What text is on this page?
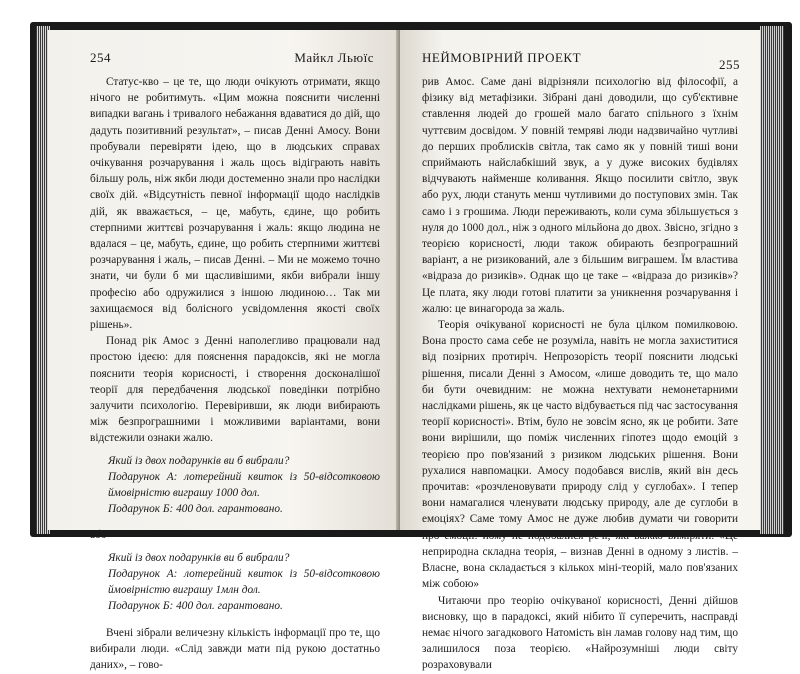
254	Майкл Льюїс

Статус-кво – це те, що люди очікують отримати, якщо нічого не робитимуть. «Цим можна пояснити численні випадки вагань і тривалого небажання вдаватися до дій, що дадуть позитивний результат», – писав Денні Амосу. Вони пробували перевіряти ідею, що в людських справах очікування розчарування і жаль щось відіграють навіть більшу роль, ніж якби люди достеменно знали про наслідки своїх дій. «Відсутність певної інформації щодо наслідків дій, як вважається, – це, мабуть, єдине, що робить стерпними життєві розчарування і жаль: якщо людина не вдалася – це, мабуть, єдине, що робить стерпними життєві розчарування і жаль, – писав Денні. – Ми не можемо точно знати, чи були б ми щасливішими, якби вибрали іншу професію або одружилися з іншою людиною… Так ми захищаємося від болісного усвідомлення якості своїх рішень».

Понад рік Амос з Денні наполегливо працювали над простою ідеєю: для пояснення парадоксів, які не могла пояснити теорія корисності, і створення досконалішої теорії для передбачення людської поведінки потрібно залучити психологію. Перевіривши, як люди вибирають між безпрограшними і можливими варіантами, вони відстежили ознаки жалю.

Який із двох подарунків ви б вибрали?

Подарунок А: лотерейний квиток із 50-відсотковою ймовірністю виграшу 1000 дол.

Подарунок Б: 400 дол. гарантовано.

або

Який із двох подарунків ви б вибрали?

Подарунок А: лотерейний квиток із 50-відсотковою ймовірністю виграшу 1млн дол.

Подарунок Б: 400 дол. гарантовано.

Вчені зібрали величезну кількість інформації про те, що вибирали люди. «Слід завжди мати під рукою достатньо даних», – гово-

НЕЙМОВІРНИЙ ПРОЕКТ	255

рив Амос. Саме дані відрізняли психологію від філософії, а фізику від метафізики. Зібрані дані доводили, що суб'єктивне ставлення людей до грошей мало багато спільного з їхнім чуттєвим досвідом. У повній темряві люди надзвичайно чутливі до перших проблисків світла, так само як у повній тиші вони сприймають найслабкіший звук, а у дуже високих будівлях відчувають найменше коливання. Якщо посилити світло, звук або рух, люди стануть менш чутливими до поступових змін. Так само і з грошима. Люди переживають, коли сума збільшується з нуля до 1000 дол., ніж з одного мільйона до двох. Звісно, згідно з теорією корисності, люди також обирають безпрограшний варіант, а не ризикований, але з більшим виграшем. Їм властива «відраза до ризиків». Однак що це таке – «відраза до ризиків»? Це плата, яку люди готові платити за уникнення розчарування і жалю: це винагорода за жаль.

Теорія очікуваної корисності не була цілком помилковою. Вона просто сама себе не розуміла, навіть не могла захиститися від позірних протиріч. Непрозорість теорії пояснити людські рішення, писали Денні з Амосом, «лише доводить те, що мало би бути очевидним: не можна нехтувати немонетарними наслідками рішень, як це часто відбувається під час застосування теорії корисності». Втім, було не зовсім ясно, як це робити. Зате вони вирішили, що поміж численних гіпотез щодо емоцій з теорією про пов'язаний з ризиком людських рішення. Вони рухалися навпомацки. Амосу подобався вислів, який він десь прочитав: «розчленовувати природу слід у суглобах». І тепер вони намагалися членувати людську природу, але де суглоби в емоціях? Саме тому Амос не дуже любив думати чи говорити про емоції: йому не подобалися речі, які важко виміряти. «Це неприродна складна теорія, – визнав Денні в одному з листів. – Власне, вона складається з кількох міні-теорій, мало пов'язаних між собою»

Читаючи про теорію очікуваної корисності, Денні дійшов висновку, що в парадоксі, який нібито її суперечить, насправді немає нічого загадкового Натомість він ламав голову над тим, що залишилося поза теорією. «Найрозумніші люди світу розраховували
